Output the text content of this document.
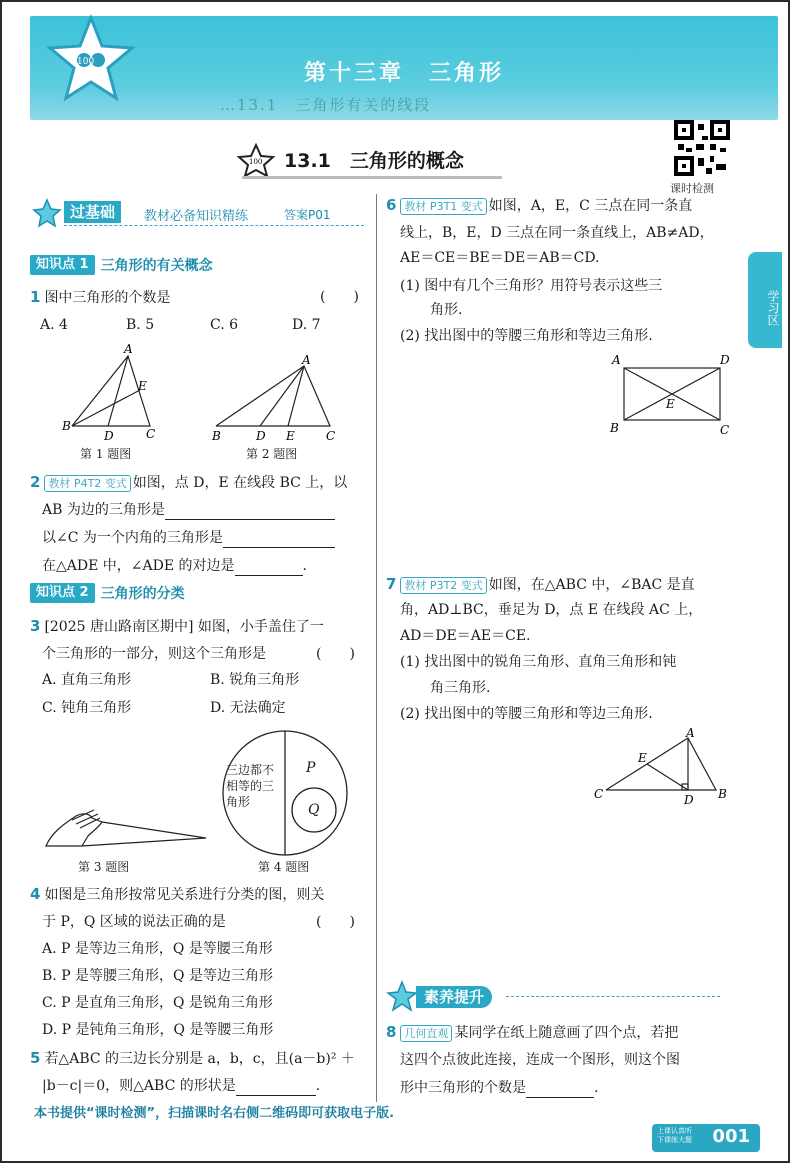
…13.1　三角形有关的线段
第十三章　三角形
100
100 13.1　三角形的概念
课时检测
过基础	教材必备知识精练	答案P01
知识点 1 三角形的有关概念
1 图中三角形的个数是	(　　)
A. 4	B. 5	C. 6	D. 7
A
E
B
D	C
第 1 题图
A
B	D E	C
第 2 题图
2 教材 P4T2 变式 如图，点 D，E 在线段 BC 上，以
AB 为边的三角形是
以∠C 为一个内角的三角形是
在△ADE 中，∠ADE 的对边是	.
知识点 2 三角形的分类
3 [2025 唐山路南区期中] 如图，小手盖住了一
个三角形的一部分，则这个三角形是	(　　)
A. 直角三角形	B. 锐角三角形
C. 钝角三角形	D. 无法确定
第 3 题图
三边都不
相等的三
角形
P
Q
第 4 题图
4 如图是三角形按常见关系进行分类的图，则关
于 P，Q 区域的说法正确的是	(　　)
A. P 是等边三角形，Q 是等腰三角形
B. P 是等腰三角形，Q 是等边三角形
C. P 是直角三角形，Q 是锐角三角形
D. P 是钝角三角形，Q 是等腰三角形
5 若△ABC 的三边长分别是 a，b，c，且(a－b)² ＋
|b－c|＝0，则△ABC 的形状是	.
6 教材 P3T1 变式 如图，A，E，C 三点在同一条直
线上，B，E，D 三点在同一条直线上，AB≠AD，
AE＝CE＝BE＝DE＝AB＝CD.
(1) 图中有几个三角形？用符号表示这些三
角形.
(2) 找出图中的等腰三角形和等边三角形.
A	D
E
B	C
7 教材 P3T2 变式 如图，在△ABC 中，∠BAC 是直
角，AD⊥BC，垂足为 D，点 E 在线段 AC 上，
AD＝DE＝AE＝CE.
(1) 找出图中的锐角三角形、直角三角形和钝
角三角形.
(2) 找出图中的等腰三角形和等边三角形.
A
E
C	D B
素养提升
8 几何直观 某同学在纸上随意画了四个点，若把
这四个点彼此连接，连成一个图形，则这个图
形中三角形的个数是	.
学习区
本书提供“课时检测”，扫描课时名右侧二维码即可获取电子版.
上课认真听
下课练大题 001
